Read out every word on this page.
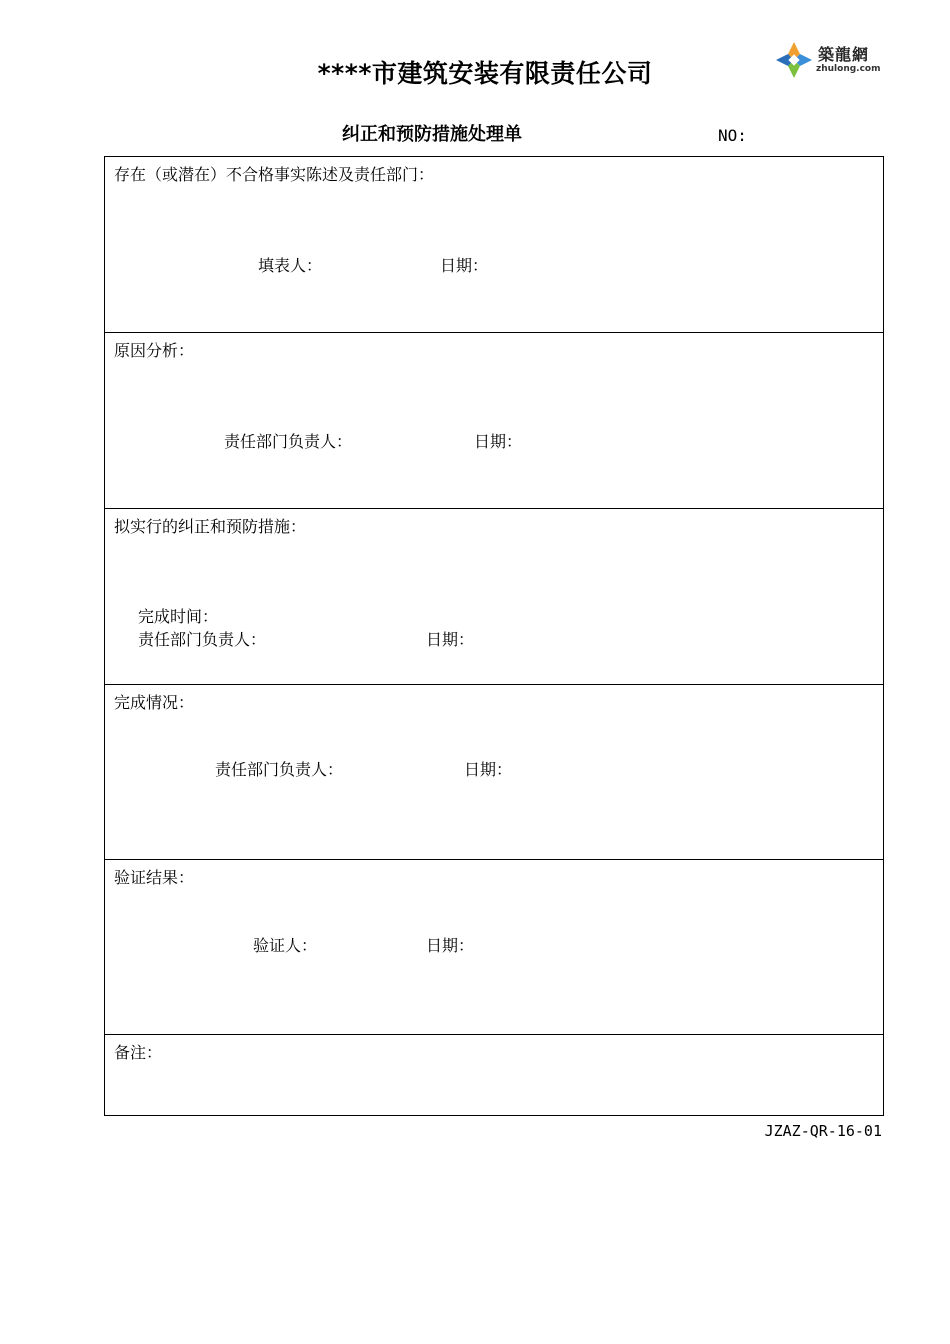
****市建筑安装有限责任公司
築龍網
zhulong.com
纠正和预防措施处理单	NO:
存在（或潜在）不合格事实陈述及责任部门：
填表人：	日期：
原因分析：
责任部门负责人：	日期：
拟实行的纠正和预防措施：
完成时间：
责任部门负责人：	日期：
完成情况：
责任部门负责人：	日期：
验证结果：
验证人：	日期：
备注：
JZAZ-QR-16-01
